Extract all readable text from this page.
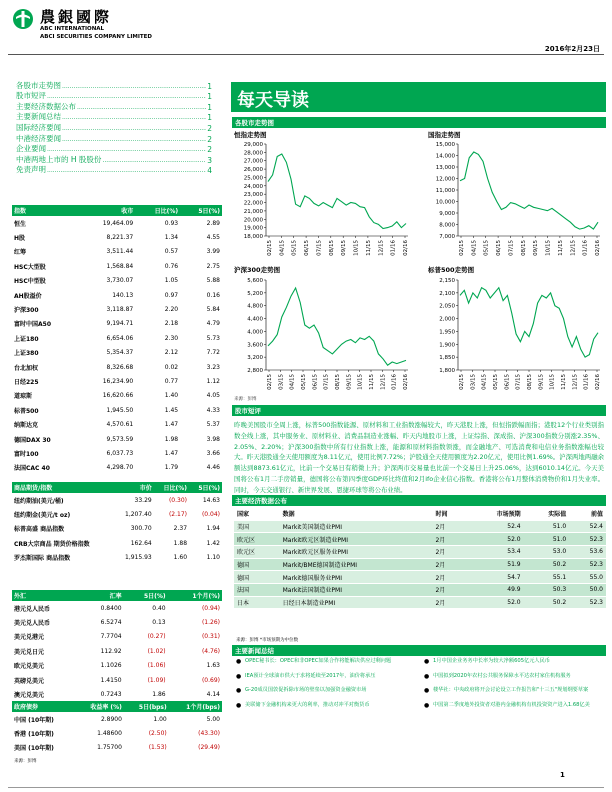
農銀國際
ABC INTERNATIONAL
ABCI SECURITIES COMPANY LIMITED
2016年2月23日
各股市走势图 .....	1
股市短评 .....	1
主要经济数据公布 .....	1
主要新闻总结 .....	1
国际经济要闻 .....	2
中港经济要闻 .....	2
企业要闻 .....	2
中港两地上市的 H 股股份 .....	3
免责声明 .....	4
每天导读
指数	收市	日比(%)	5日(%)
恒生	19,464.09	0.93	2.89
H股	8,221.37	1.34	4.55
红筹	3,511.44	0.57	3.99
HSC大型股	1,568.84	0.76	2.75
HSC中型股	3,730.07	1.05	5.88
AH股溢价	140.13	0.97	0.16
沪深300	3,118.87	2.20	5.84
富时中国A50	9,194.71	2.18	4.79
上证180	6,654.06	2.30	5.73
上证380	5,354.37	2.12	7.72
台北加权	8,326.68	0.02	3.23
日经225	16,234.90	0.77	1.12
道琼斯	16,620.66	1.40	4.05
标普500	1,945.50	1.45	4.33
纳斯达克	4,570.61	1.47	5.37
德国DAX 30	9,573.59	1.98	3.98
富时100	6,037.73	1.47	3.66
法国CAC 40	4,298.70	1.79	4.46
商品期货/指数	市价	日比(%)	5日(%)
纽约期油(美元/桶)	33.29	(0.30)	14.63
纽约期金(美元/t oz)	1,207.40	(2.17)	(0.04)
标普高盛 商品指数	300.70	2.37	1.94
CRB大宗商品 期货价格指数	162.64	1.88	1.42
罗杰斯国际 商品指数	1,915.93	1.60	1.10
外汇	汇率	5日(%)	1个月(%)
港元兑人民币	0.8400	0.40	(0.94)
美元兑人民币	6.5274	0.13	(1.26)
美元兑港元	7.7704	(0.27)	(0.31)
美元兑日元	112.92	(1.02)	(4.76)
欧元兑美元	1.1026	(1.06)	1.63
英磅兑美元	1.4150	(1.09)	(0.69)
澳元兑美元	0.7243	1.86	4.14
政府债券	收益率 (%)	5日(bps)	1个月(bps)
中国 (10年期)	2.8900	1.00	5.00
香港 (10年期)	1.48600	(2.50)	(43.30)
美国 (10年期)	1.75700	(1.53)	(29.49)
来源：彭博
各股市走势图
恒指走势图	国指走势图
沪深300走势图	标普500走势图
18,000
19,000
20,000
21,000
22,000
23,000
24,000
25,000
26,000
27,000
28,000
29,000
02/15 04/15 05/15 06/15 07/15 08/15 09/15 10/15 11/15 12/15 01/16 02/16
7,000
8,000
9,000
10,000
11,000
12,000
13,000
14,000
15,000
02/15 04/15 05/15 06/15 07/15 08/15 09/15 10/15 11/15 12/15 01/16 02/16
2,800
3,200
3,600
4,000
4,400
4,800
5,200
5,600
02/15 03/15 04/15 05/15 06/15 07/15 08/15 09/15 10/15 11/15 12/15 01/16 02/16
1,800
1,850
1,900
1,950
2,000
2,050
2,100
2,150
02/15 03/15 04/15 05/15 06/15 07/15 08/15 09/15 10/15 11/15 12/15 01/16 02/16
来源：彭博
股市短评
昨晚美国股市全周上涨，标普500指数能源、原材料和工业指数涨幅较大，昨天港股上涨，但恒指跌幅面指；港股12个行业类别指数全线上涨，其中服务业、原材料业、消费品制造业涨幅、昨天内地股市上涨，上证综指、深成指、沪深300指数分别涨2.35%、2.05%、2.20%；沪深300指数中所有行业指数上涨，能源和原材料指数领涨，而金融地产、可选消费和电信业务指数涨幅也较大。昨天港股通全天使用额度为8.11亿元，使用比例7.72%；沪股通全天使用额度为2.20亿元，使用比例1.69%。沪深两地两融余额达到8873.61亿元，比前一个交易日有稍微上升；沪深两市交易量也比前一个交易日上升25.06%，达到6010.14亿元。今天美国将公布1月二手房销量，德国将公布第四季度GDP环比终值和2月ifo企业信心指数。香港将公布1月整体消费物价和1月失业率。同时，今天交通银行、新世界发展、恩捷环球等将公布业绩。
主要经济数据公布
国家	数据	时间	市场预期	实际值	前值
美国	Markit美国制造业PMI	2月	52.4	51.0	52.4
欧元区	Markit欧元区制造业PMI	2月	52.0	51.0	52.3
欧元区	Markit欧元区服务业PMI	2月	53.4	53.0	53.6
德国	Markit/BME德国制造业PMI	2月	51.9	50.2	52.3
德国	Markit德国服务业PMI	2月	54.7	55.1	55.0
法国	Markit法国制造业PMI	2月	49.9	50.3	50.0
日本	日经日本制造业PMI	2月	52.0	50.2	52.3
来源：彭博 *市场预期为中位数
主要新闻总结
● OPEC秘书长：OPEC和非OPEC如果合作将能解决供应过剩问题
● IEA预计全球油市供大于求将延续至2017年，油价将承压
● G-20成员国敦促拆除市场的壁垒以加强资金融资市场
● 美联储下金融机构来更大的利率，推动对冲平对衡货币
● 1月中国企业务务中长率为较大净额605亿元人民币
● 中国拟到2020年农村公共服务保障水平达农村家住机构服务
● 楼华社：中央政府将开会讨论设立工作报告和"十三五"规划纲要草案
● 中国第二季度地外投资者对港内金融机构有机投资资产进入1.68亿美
1
